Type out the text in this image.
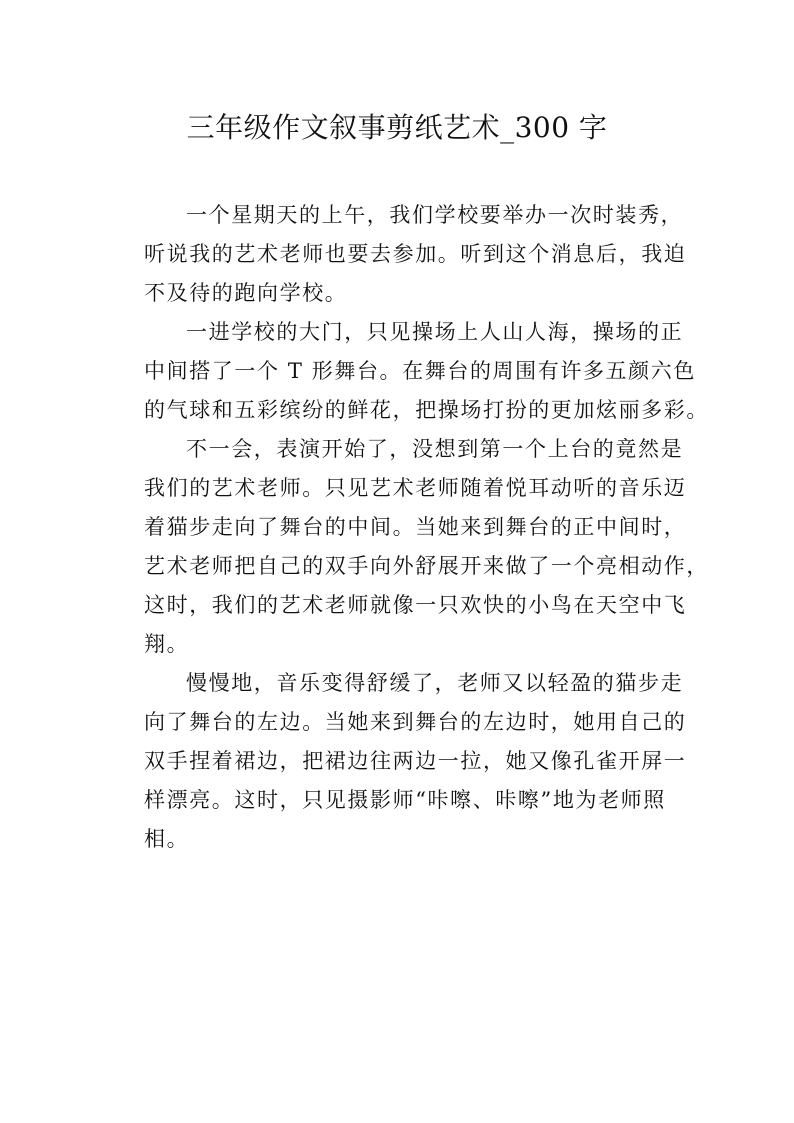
三年级作文叙事剪纸艺术_300 字
一个星期天的上午，我们学校要举办一次时装秀，
听说我的艺术老师也要去参加。听到这个消息后，我迫
不及待的跑向学校。
一进学校的大门，只见操场上人山人海，操场的正
中间搭了一个 T 形舞台。在舞台的周围有许多五颜六色
的气球和五彩缤纷的鲜花，把操场打扮的更加炫丽多彩。
不一会，表演开始了，没想到第一个上台的竟然是
我们的艺术老师。只见艺术老师随着悦耳动听的音乐迈
着猫步走向了舞台的中间。当她来到舞台的正中间时，
艺术老师把自己的双手向外舒展开来做了一个亮相动作，
这时，我们的艺术老师就像一只欢快的小鸟在天空中飞
翔。
慢慢地，音乐变得舒缓了，老师又以轻盈的猫步走
向了舞台的左边。当她来到舞台的左边时，她用自己的
双手捏着裙边，把裙边往两边一拉，她又像孔雀开屏一
样漂亮。这时，只见摄影师“咔嚓、咔嚓”地为老师照
相。
